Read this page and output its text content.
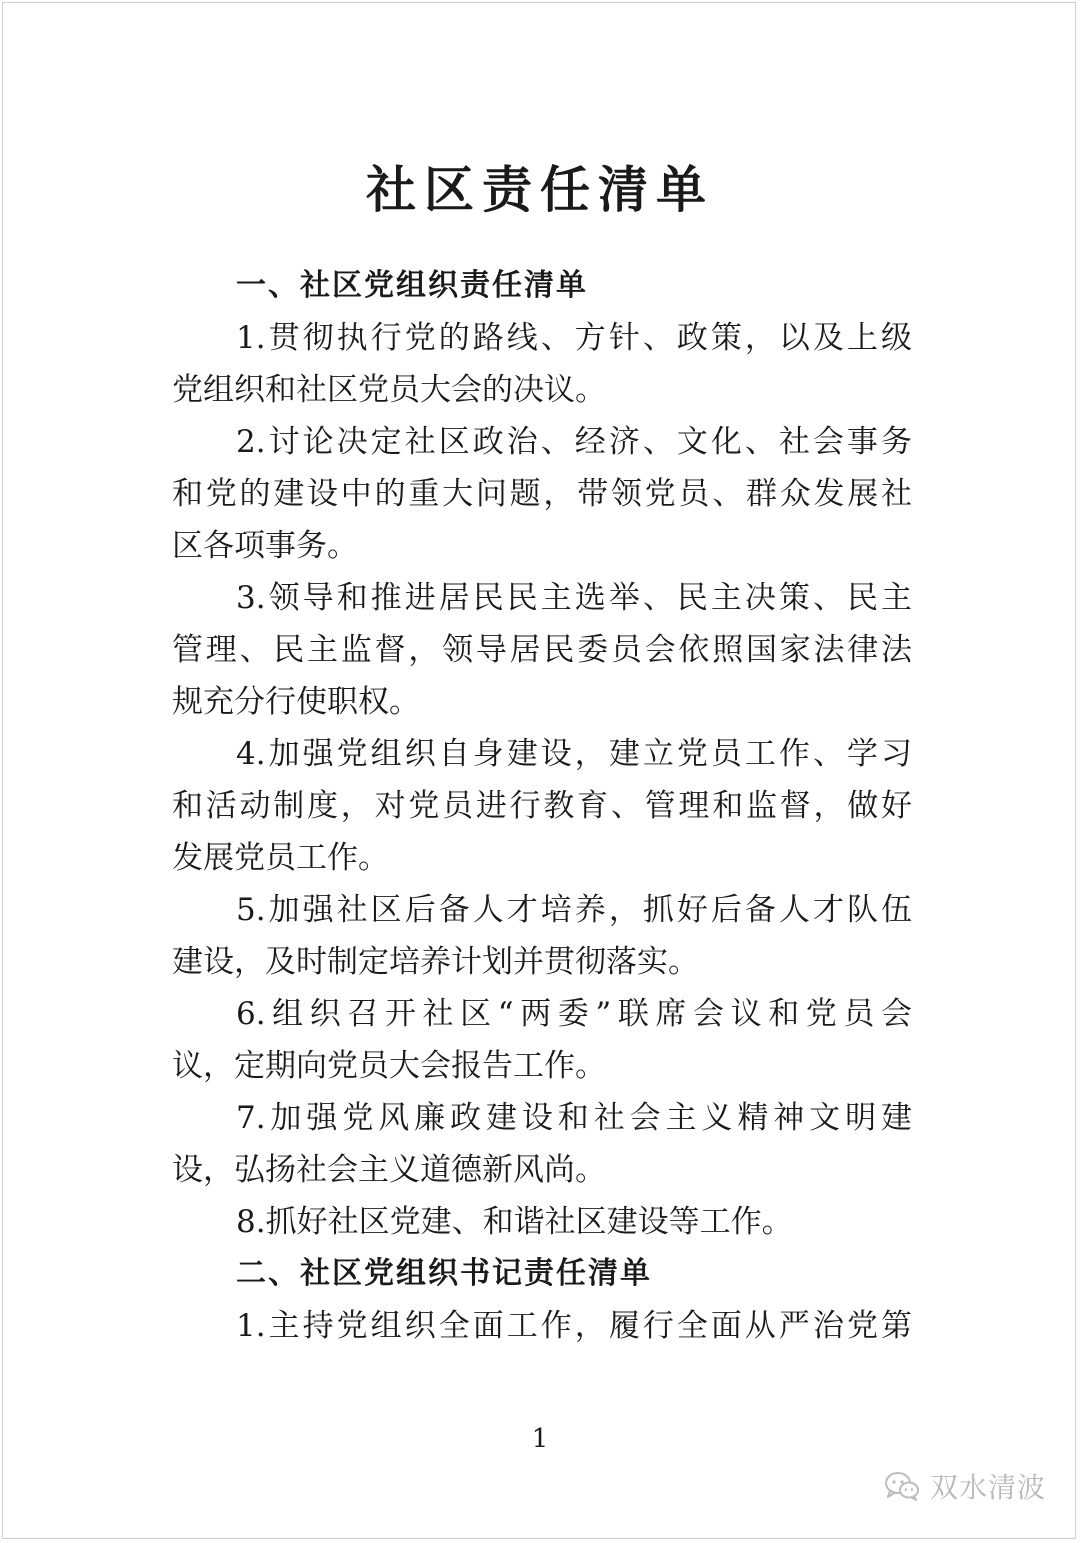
社区责任清单
一、社区党组织责任清单
1.贯彻执行党的路线、方针、政策，以及上级
党组织和社区党员大会的决议。
2.讨论决定社区政治、经济、文化、社会事务
和党的建设中的重大问题，带领党员、群众发展社
区各项事务。
3.领导和推进居民民主选举、民主决策、民主
管理、民主监督，领导居民委员会依照国家法律法
规充分行使职权。
4.加强党组织自身建设，建立党员工作、学习
和活动制度，对党员进行教育、管理和监督，做好
发展党员工作。
5.加强社区后备人才培养，抓好后备人才队伍
建设，及时制定培养计划并贯彻落实。
6.组织召开社区“两委”联席会议和党员会
议，定期向党员大会报告工作。
7.加强党风廉政建设和社会主义精神文明建
设，弘扬社会主义道德新风尚。
8.抓好社区党建、和谐社区建设等工作。
二、社区党组织书记责任清单
1.主持党组织全面工作，履行全面从严治党第
1
双水清波
